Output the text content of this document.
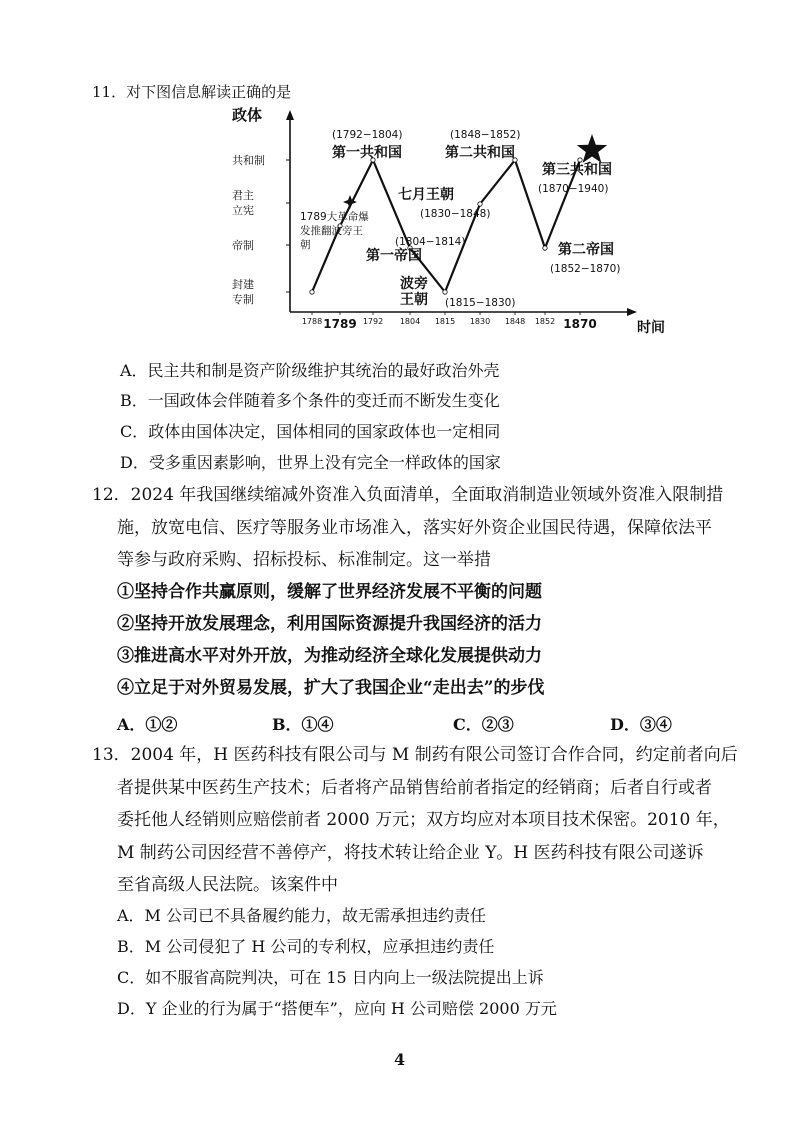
11．对下图信息解读正确的是
政体
封建
专制
帝制
君主
立宪
共和制
时间
1788 1789 1792 1804 1815 1830 1848 1852 1870
(1792−1804)
第一共和国
(1848−1852)
第二共和国
第三共和国
(1870−1940)
七月王朝
(1830−1848)
1789大革命爆
发推翻波旁王
朝	(1804−1814)
第一帝国	第二帝国
(1852−1870)
波旁
王朝 (1815−1830)
A．民主共和制是资产阶级维护其统治的最好政治外壳
B．一国政体会伴随着多个条件的变迁而不断发生变化
C．政体由国体决定，国体相同的国家政体也一定相同
D．受多重因素影响，世界上没有完全一样政体的国家
12．2024 年我国继续缩减外资准入负面清单，全面取消制造业领域外资准入限制措
施，放宽电信、医疗等服务业市场准入，落实好外资企业国民待遇，保障依法平
等参与政府采购、招标投标、标准制定。这一举措
①坚持合作共赢原则，缓解了世界经济发展不平衡的问题
②坚持开放发展理念，利用国际资源提升我国经济的活力
③推进高水平对外开放，为推动经济全球化发展提供动力
④立足于对外贸易发展，扩大了我国企业“走出去”的步伐
A．①②	B．①④	C．②③	D．③④
13．2004 年，H 医药科技有限公司与 M 制药有限公司签订合作合同，约定前者向后
者提供某中医药生产技术；后者将产品销售给前者指定的经销商；后者自行或者
委托他人经销则应赔偿前者 2000 万元；双方均应对本项目技术保密。2010 年，
M 制药公司因经营不善停产，将技术转让给企业 Y。H 医药科技有限公司遂诉
至省高级人民法院。该案件中
A．M 公司已不具备履约能力，故无需承担违约责任
B．M 公司侵犯了 H 公司的专利权，应承担违约责任
C．如不服省高院判决，可在 15 日内向上一级法院提出上诉
D．Y 企业的行为属于“搭便车”，应向 H 公司赔偿 2000 万元
4
